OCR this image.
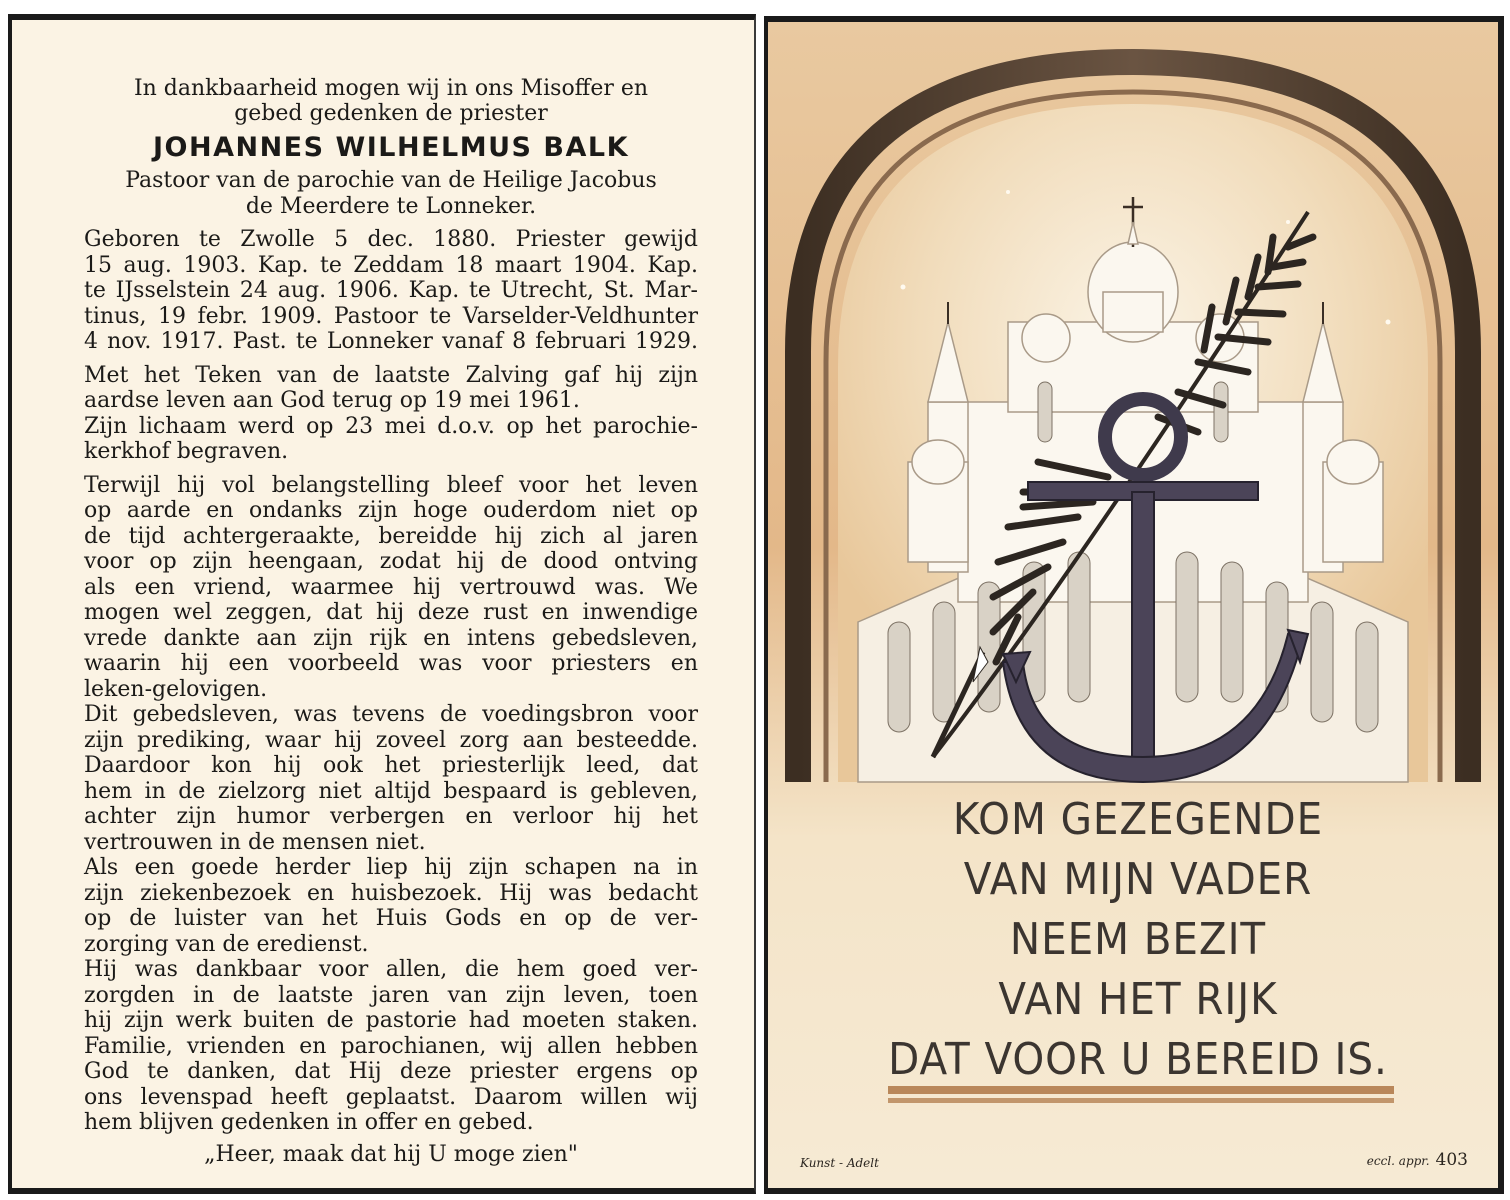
In dankbaarheid mogen wij in ons Misoffer en
gebed gedenken de priester
JOHANNES WILHELMUS BALK
Pastoor van de parochie van de Heilige Jacobus
de Meerdere te Lonneker.
Geboren te Zwolle 5 dec. 1880. Priester gewijd
15 aug. 1903. Kap. te Zeddam 18 maart 1904. Kap.
te IJsselstein 24 aug. 1906. Kap. te Utrecht, St. Mar-
tinus, 19 febr. 1909. Pastoor te Varselder-Veldhunter
4 nov. 1917. Past. te Lonneker vanaf 8 februari 1929.
Met het Teken van de laatste Zalving gaf hij zijn
aardse leven aan God terug op 19 mei 1961.
Zijn lichaam werd op 23 mei d.o.v. op het parochie-
kerkhof begraven.
Terwijl hij vol belangstelling bleef voor het leven
op aarde en ondanks zijn hoge ouderdom niet op
de tijd achtergeraakte, bereidde hij zich al jaren
voor op zijn heengaan, zodat hij de dood ontving
als een vriend, waarmee hij vertrouwd was. We
mogen wel zeggen, dat hij deze rust en inwendige
vrede dankte aan zijn rijk en intens gebedsleven,
waarin hij een voorbeeld was voor priesters en
leken-gelovigen.
Dit gebedsleven, was tevens de voedingsbron voor
zijn prediking, waar hij zoveel zorg aan besteedde.
Daardoor kon hij ook het priesterlijk leed, dat
hem in de zielzorg niet altijd bespaard is gebleven,
achter zijn humor verbergen en verloor hij het
vertrouwen in de mensen niet.
Als een goede herder liep hij zijn schapen na in
zijn ziekenbezoek en huisbezoek. Hij was bedacht
op de luister van het Huis Gods en op de ver-
zorging van de eredienst.
Hij was dankbaar voor allen, die hem goed ver-
zorgden in de laatste jaren van zijn leven, toen
hij zijn werk buiten de pastorie had moeten staken.
Familie, vrienden en parochianen, wij allen hebben
God te danken, dat Hij deze priester ergens op
ons levenspad heeft geplaatst. Daarom willen wij
hem blijven gedenken in offer en gebed.
„Heer, maak dat hij U moge zien"
KOM GEZEGENDE
VAN MIJN VADER
NEEM BEZIT
VAN HET RIJK
DAT VOOR U BEREID IS.
Kunst - Adelt	eccl. appr. 403
